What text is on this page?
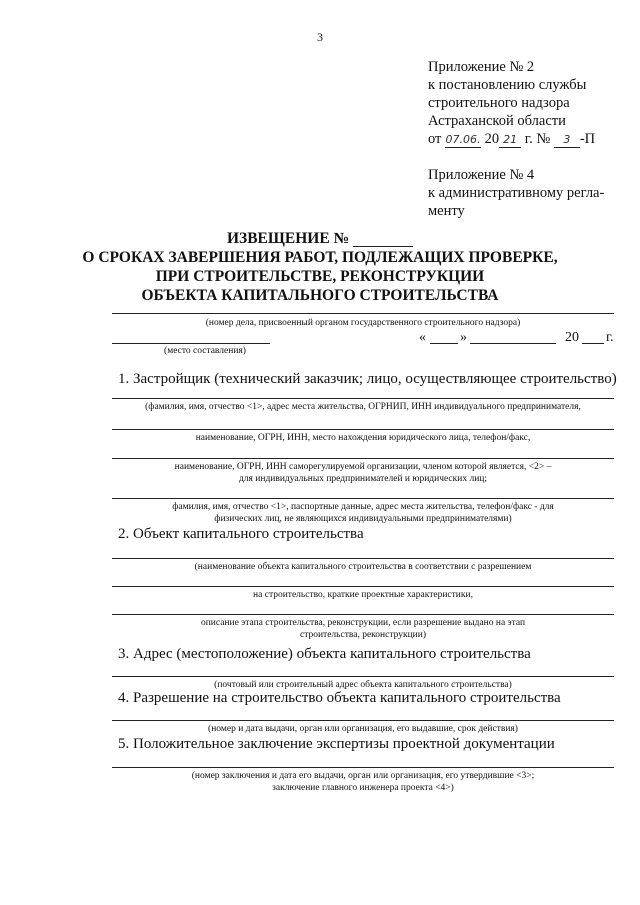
3
Приложение № 2
к постановлению службы
строительного надзора
Астраханской области
от 07.06. 20 21 г. № 3 -П
Приложение № 4
к административному регла-
менту
ИЗВЕЩЕНИЕ №
О СРОКАХ ЗАВЕРШЕНИЯ РАБОТ, ПОДЛЕЖАЩИХ ПРОВЕРКЕ,
ПРИ СТРОИТЕЛЬСТВЕ, РЕКОНСТРУКЦИИ
ОБЪЕКТА КАПИТАЛЬНОГО СТРОИТЕЛЬСТВА
(номер дела, присвоенный органом государственного строительного надзора)
« »	20 г.
(место составления)
1. Застройщик (технический заказчик; лицо, осуществляющее строительство)
(фамилия, имя, отчество <1>, адрес места жительства, ОГРНИП, ИНН индивидуального предпринимателя,
наименование, ОГРН, ИНН, место нахождения юридического лица, телефон/факс,
наименование, ОГРН, ИНН саморегулируемой организации, членом которой является, <2> –
для индивидуальных предпринимателей и юридических лиц;
фамилия, имя, отчество <1>, паспортные данные, адрес места жительства, телефон/факс - для
физических лиц, не являющихся индивидуальными предпринимателями)
2. Объект капитального строительства
(наименование объекта капитального строительства в соответствии с разрешением
на строительство, краткие проектные характеристики,
описание этапа строительства, реконструкции, если разрешение выдано на этап
строительства, реконструкции)
3. Адрес (местоположение) объекта капитального строительства
(почтовый или строительный адрес объекта капитального строительства)
4. Разрешение на строительство объекта капитального строительства
(номер и дата выдачи, орган или организация, его выдавшие, срок действия)
5. Положительное заключение экспертизы проектной документации
(номер заключения и дата его выдачи, орган или организация, его утвердившие <3>;
заключение главного инженера проекта <4>)
